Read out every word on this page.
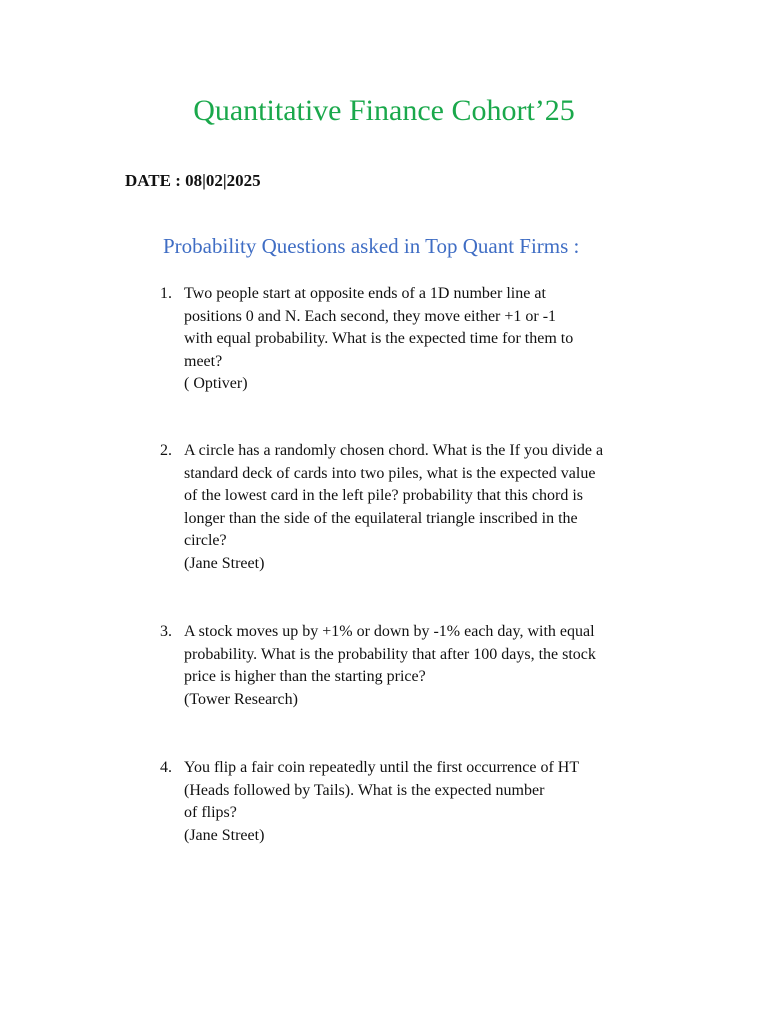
Quantitative Finance Cohort’25
DATE : 08|02|2025
Probability Questions asked in Top Quant Firms :
1. Two people start at opposite ends of a 1D number line at
positions 0 and N. Each second, they move either +1 or -1
with equal probability. What is the expected time for them to
meet?
( Optiver)
2. A circle has a randomly chosen chord. What is the If you divide a
standard deck of cards into two piles, what is the expected value
of the lowest card in the left pile? probability that this chord is
longer than the side of the equilateral triangle inscribed in the
circle?
(Jane Street)
3. A stock moves up by +1% or down by -1% each day, with equal
probability. What is the probability that after 100 days, the stock
price is higher than the starting price?
(Tower Research)
4. You flip a fair coin repeatedly until the first occurrence of HT
(Heads followed by Tails). What is the expected number
of flips?
(Jane Street)
